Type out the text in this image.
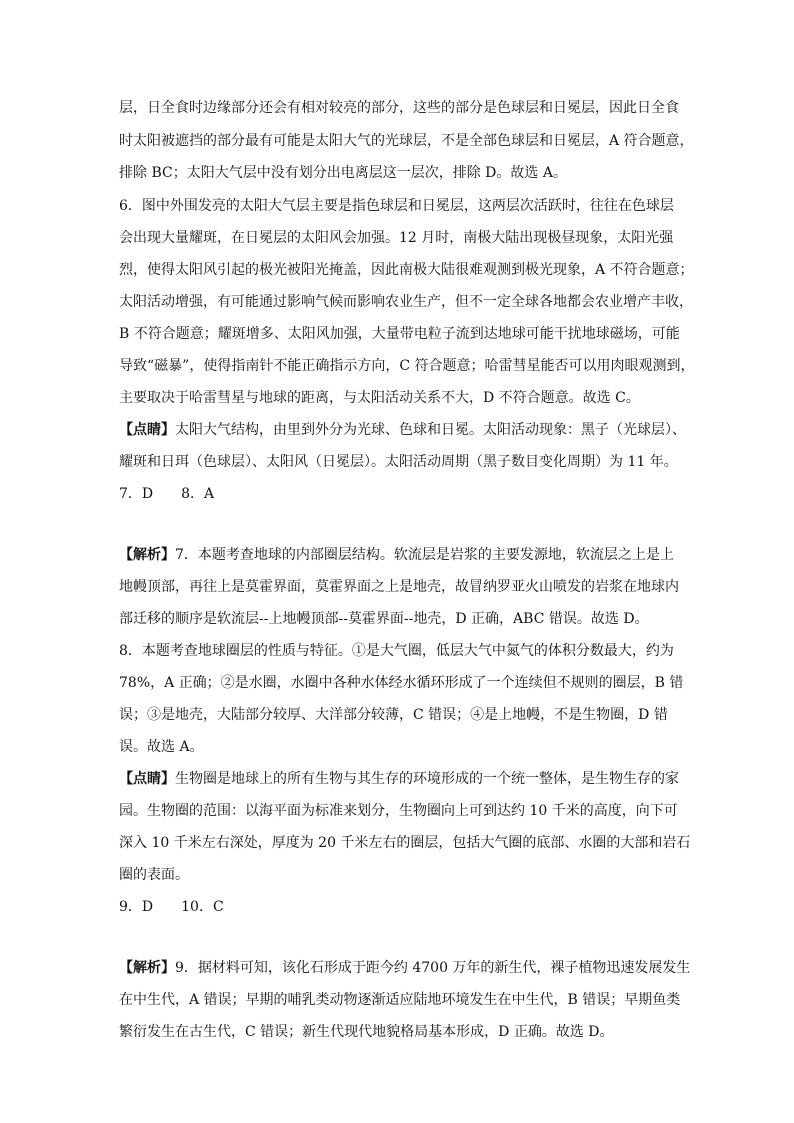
层，日全食时边缘部分还会有相对较亮的部分，这些的部分是色球层和日冕层，因此日全食
时太阳被遮挡的部分最有可能是太阳大气的光球层，不是全部色球层和日冕层，A 符合题意，
排除 BC；太阳大气层中没有划分出电离层这一层次，排除 D。故选 A。
6．图中外围发亮的太阳大气层主要是指色球层和日冕层，这两层次活跃时，往往在色球层
会出现大量耀斑，在日冕层的太阳风会加强。12 月时，南极大陆出现极昼现象，太阳光强
烈，使得太阳风引起的极光被阳光掩盖，因此南极大陆很难观测到极光现象，A 不符合题意；
太阳活动增强，有可能通过影响气候而影响农业生产，但不一定全球各地都会农业增产丰收，
B 不符合题意；耀斑增多、太阳风加强，大量带电粒子流到达地球可能干扰地球磁场，可能
导致“磁暴”，使得指南针不能正确指示方向，C 符合题意；哈雷彗星能否可以用肉眼观测到，
主要取决于哈雷彗星与地球的距离，与太阳活动关系不大，D 不符合题意。故选 C。
【点睛】太阳大气结构，由里到外分为光球、色球和日冕。太阳活动现象：黑子（光球层）、
耀斑和日珥（色球层）、太阳风（日冕层）。太阳活动周期（黑子数目变化周期）为 11 年。
7．D　　8．A
【解析】7．本题考查地球的内部圈层结构。软流层是岩浆的主要发源地，软流层之上是上
地幔顶部，再往上是莫霍界面，莫霍界面之上是地壳，故冒纳罗亚火山喷发的岩浆在地球内
部迁移的顺序是软流层--上地幔顶部--莫霍界面--地壳，D 正确，ABC 错误。故选 D。
8．本题考查地球圈层的性质与特征。①是大气圈，低层大气中氮气的体积分数最大，约为
78%，A 正确；②是水圈，水圈中各种水体经水循环形成了一个连续但不规则的圈层，B 错
误；③是地壳，大陆部分较厚、大洋部分较薄，C 错误；④是上地幔，不是生物圈，D 错
误。故选 A。
【点睛】生物圈是地球上的所有生物与其生存的环境形成的一个统一整体，是生物生存的家
园。生物圈的范围：以海平面为标准来划分，生物圈向上可到达约 10 千米的高度，向下可
深入 10 千米左右深处，厚度为 20 千米左右的圈层，包括大气圈的底部、水圈的大部和岩石
圈的表面。
9．D　　10．C
【解析】9．据材料可知，该化石形成于距今约 4700 万年的新生代，裸子植物迅速发展发生
在中生代，A 错误；早期的哺乳类动物逐渐适应陆地环境发生在中生代，B 错误；早期鱼类
繁衍发生在古生代，C 错误；新生代现代地貌格局基本形成，D 正确。故选 D。
